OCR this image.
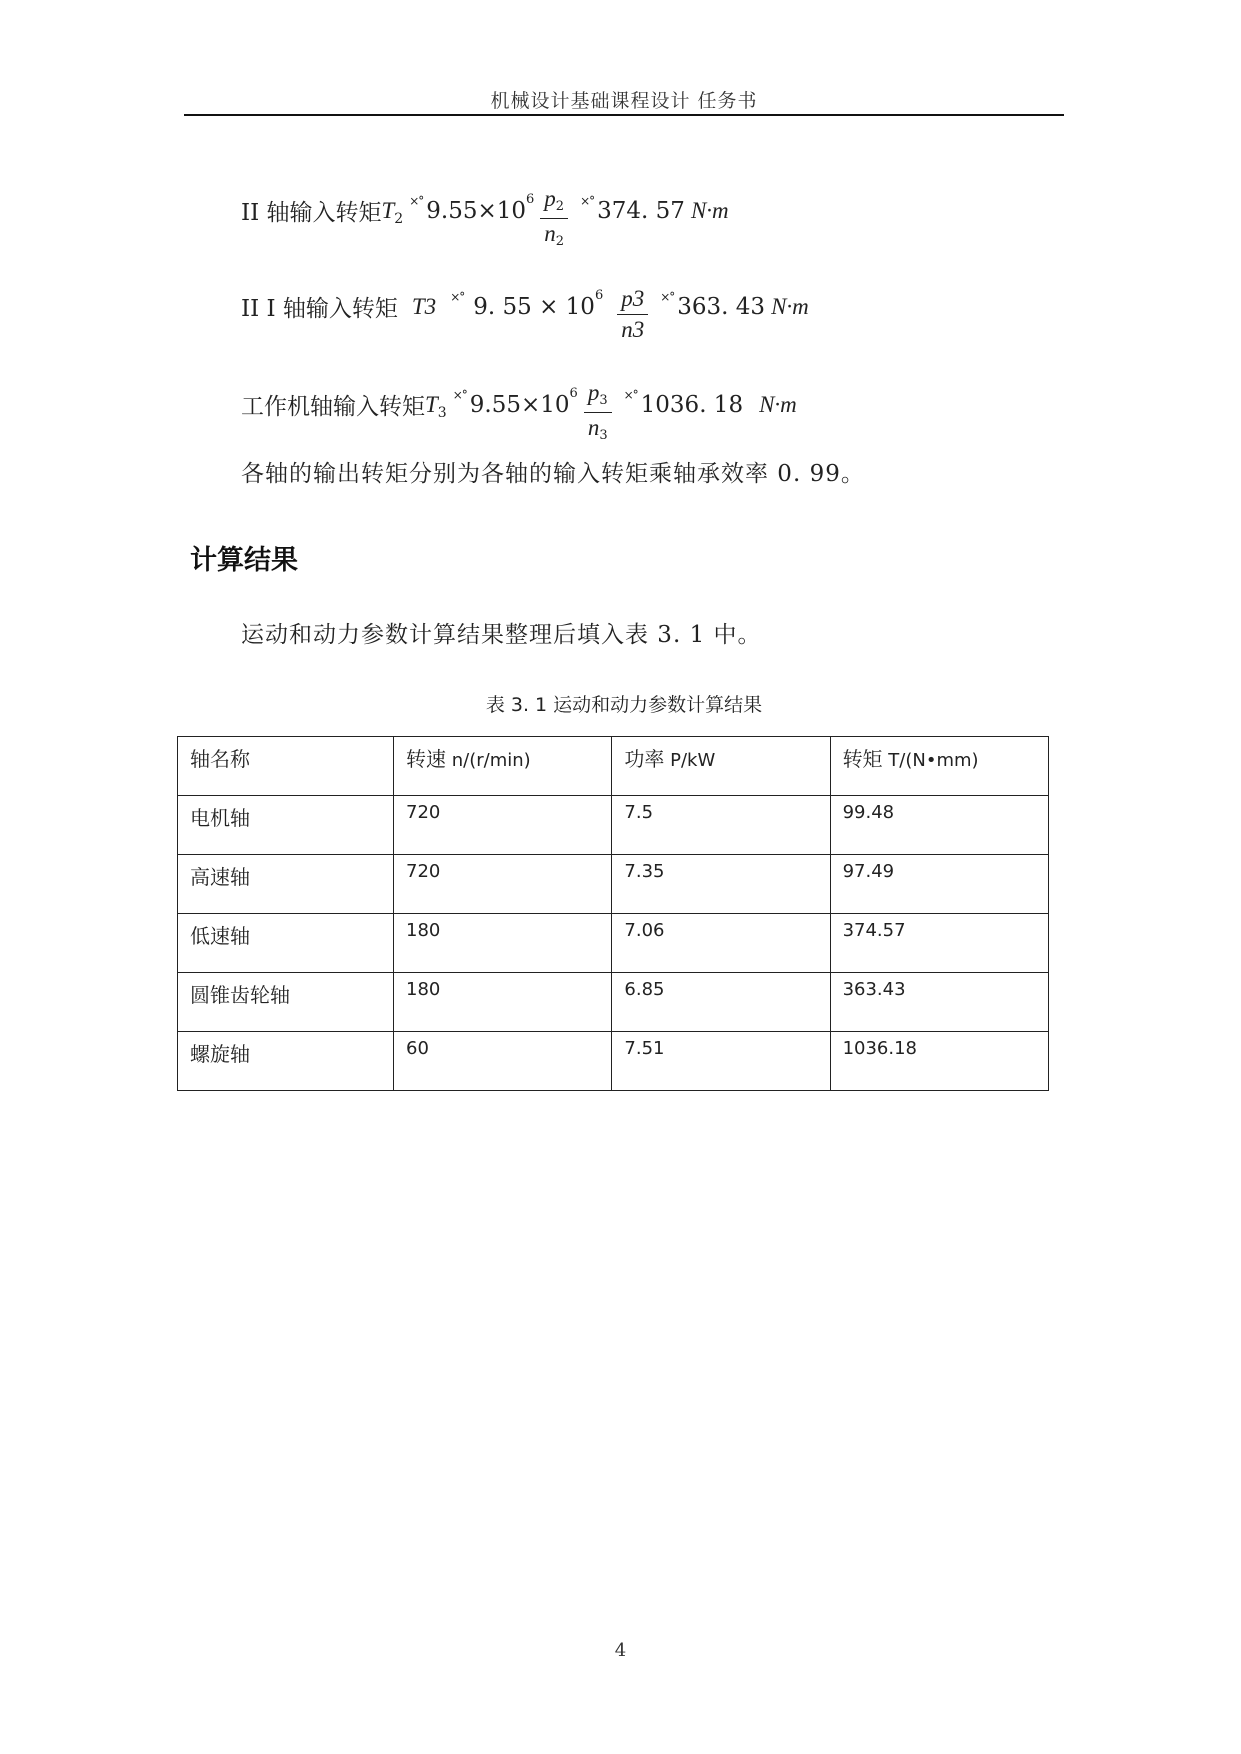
机械设计基础课程设计 任务书
II 轴输入转矩 T 2
×° 9.55×10 $6 \frac{p2}{n2}$ ×° 374. 57 N·m
II I 轴输入转矩 T3 ×° 9. 55 × 10 $6 \frac{p3}{n3}$ ×° 363. 43 N·m
工作机轴输入转矩 T 3
×° 9.55×10 $6 \frac{p3}{n3}$ ×° 1036. 18 N·m
各轴的输出转矩分别为各轴的输入转矩乘轴承效率 0. 99。
计算结果
运动和动力参数计算结果整理后填入表 3. 1 中。
表 3. 1 运动和动力参数计算结果
轴名称	转速 n/(r/min)	功率 P/kW	转矩 T/(N•mm)
电机轴	720	7.5	99.48
高速轴	720	7.35	97.49
低速轴	180	7.06	374.57
圆锥齿轮轴	180	6.85	363.43
螺旋轴	60	7.51	1036.18
4
